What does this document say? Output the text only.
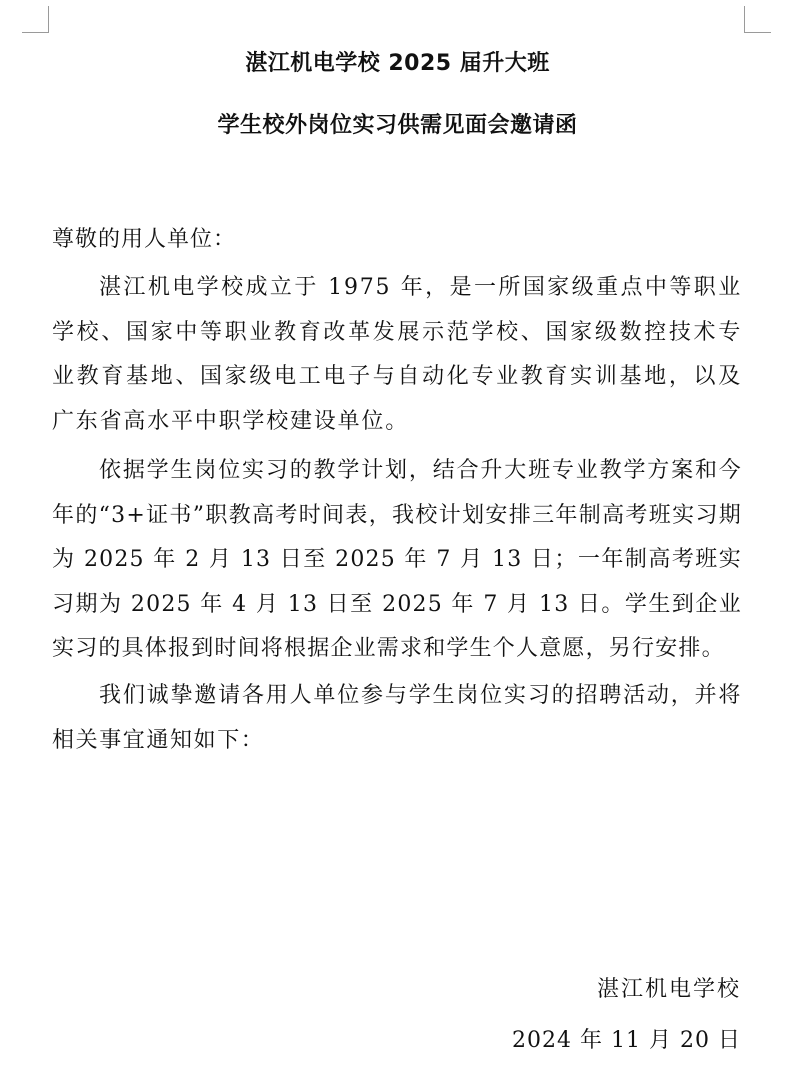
湛江机电学校 2025 届升大班
学生校外岗位实习供需见面会邀请函
尊敬的用人单位：

湛江机电学校成立于 1975 年，是一所国家级重点中等职业学校、国家中等职业教育改革发展示范学校、国家级数控技术专业教育基地、国家级电工电子与自动化专业教育实训基地，以及广东省高水平中职学校建设单位。

依据学生岗位实习的教学计划，结合升大班专业教学方案和今年的“3+证书”职教高考时间表，我校计划安排三年制高考班实习期为 2025 年 2 月 13 日至 2025 年 7 月 13 日；一年制高考班实习期为 2025 年 4 月 13 日至 2025 年 7 月 13 日。学生到企业实习的具体报到时间将根据企业需求和学生个人意愿，另行安排。

我们诚挚邀请各用人单位参与学生岗位实习的招聘活动，并将相关事宜通知如下：

湛江机电学校
2024 年 11 月 20 日
